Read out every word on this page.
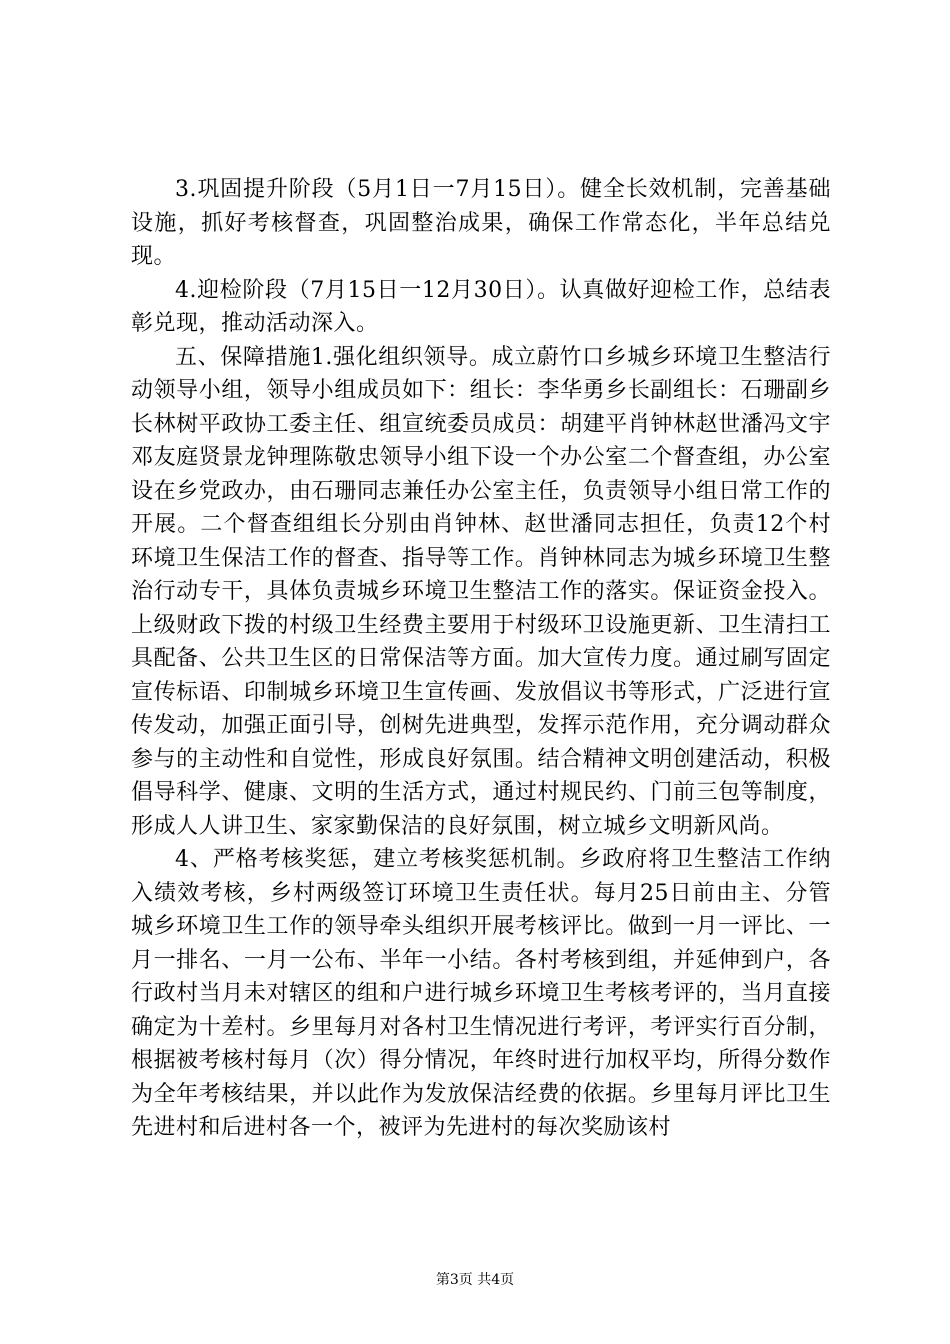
3.巩固提升阶段（5月1日一7月15日）。健全长效机制，完善基础设施，抓好考核督查，巩固整治成果，确保工作常态化，半年总结兑现。

4.迎检阶段（7月15日一12月30日）。认真做好迎检工作，总结表彰兑现，推动活动深入。

五、保障措施1.强化组织领导。成立蔚竹口乡城乡环境卫生整洁行动领导小组，领导小组成员如下：组长：李华勇乡长副组长：石珊副乡长林树平政协工委主任、组宣统委员成员：胡建平肖钟林赵世潘冯文宇邓友庭贤景龙钟理陈敬忠领导小组下设一个办公室二个督查组，办公室设在乡党政办，由石珊同志兼任办公室主任，负责领导小组日常工作的开展。二个督查组组长分别由肖钟林、赵世潘同志担任，负责12个村环境卫生保洁工作的督查、指导等工作。肖钟林同志为城乡环境卫生整治行动专干，具体负责城乡环境卫生整洁工作的落实。保证资金投入。上级财政下拨的村级卫生经费主要用于村级环卫设施更新、卫生清扫工具配备、公共卫生区的日常保洁等方面。加大宣传力度。通过刷写固定宣传标语、印制城乡环境卫生宣传画、发放倡议书等形式，广泛进行宣传发动，加强正面引导，创树先进典型，发挥示范作用，充分调动群众参与的主动性和自觉性，形成良好氛围。结合精神文明创建活动，积极倡导科学、健康、文明的生活方式，通过村规民约、门前三包等制度，形成人人讲卫生、家家勤保洁的良好氛围，树立城乡文明新风尚。

4、严格考核奖惩，建立考核奖惩机制。乡政府将卫生整洁工作纳入绩效考核，乡村两级签订环境卫生责任状。每月25日前由主、分管城乡环境卫生工作的领导牵头组织开展考核评比。做到一月一评比、一月一排名、一月一公布、半年一小结。各村考核到组，并延伸到户，各行政村当月未对辖区的组和户进行城乡环境卫生考核考评的，当月直接确定为十差村。乡里每月对各村卫生情况进行考评，考评实行百分制，根据被考核村每月（次）得分情况，年终时进行加权平均，所得分数作为全年考核结果，并以此作为发放保洁经费的依据。乡里每月评比卫生先进村和后进村各一个，被评为先进村的每次奖励该村

第3页 共4页
